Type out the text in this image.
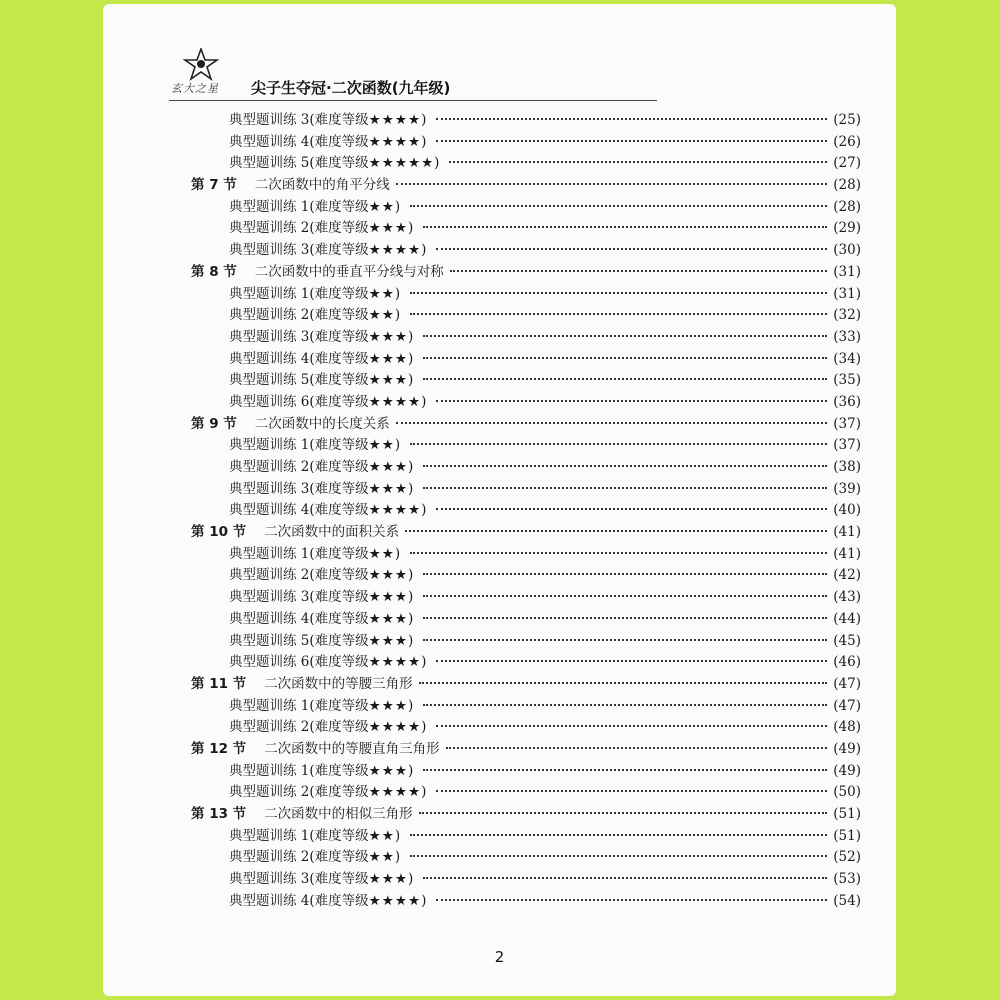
玄大之星 尖子生夺冠·二次函数(九年级)
典型题训练 3(难度等级 ★★★★ )	(25)
典型题训练 4(难度等级 ★★★★ )	(26)
典型题训练 5(难度等级 ★★★★★ )	(27)
第 7 节 二次函数中的角平分线	(28)
典型题训练 1(难度等级 ★★ )	(28)
典型题训练 2(难度等级 ★★★ )	(29)
典型题训练 3(难度等级 ★★★★ )	(30)
第 8 节 二次函数中的垂直平分线与对称	(31)
典型题训练 1(难度等级 ★★ )	(31)
典型题训练 2(难度等级 ★★ )	(32)
典型题训练 3(难度等级 ★★★ )	(33)
典型题训练 4(难度等级 ★★★ )	(34)
典型题训练 5(难度等级 ★★★ )	(35)
典型题训练 6(难度等级 ★★★★ )	(36)
第 9 节 二次函数中的长度关系	(37)
典型题训练 1(难度等级 ★★ )	(37)
典型题训练 2(难度等级 ★★★ )	(38)
典型题训练 3(难度等级 ★★★ )	(39)
典型题训练 4(难度等级 ★★★★ )	(40)
第 10 节 二次函数中的面积关系	(41)
典型题训练 1(难度等级 ★★ )	(41)
典型题训练 2(难度等级 ★★★ )	(42)
典型题训练 3(难度等级 ★★★ )	(43)
典型题训练 4(难度等级 ★★★ )	(44)
典型题训练 5(难度等级 ★★★ )	(45)
典型题训练 6(难度等级 ★★★★ )	(46)
第 11 节 二次函数中的等腰三角形	(47)
典型题训练 1(难度等级 ★★★ )	(47)
典型题训练 2(难度等级 ★★★★ )	(48)
第 12 节 二次函数中的等腰直角三角形	(49)
典型题训练 1(难度等级 ★★★ )	(49)
典型题训练 2(难度等级 ★★★★ )	(50)
第 13 节 二次函数中的相似三角形	(51)
典型题训练 1(难度等级 ★★ )	(51)
典型题训练 2(难度等级 ★★ )	(52)
典型题训练 3(难度等级 ★★★ )	(53)
典型题训练 4(难度等级 ★★★★ )	(54)
2
